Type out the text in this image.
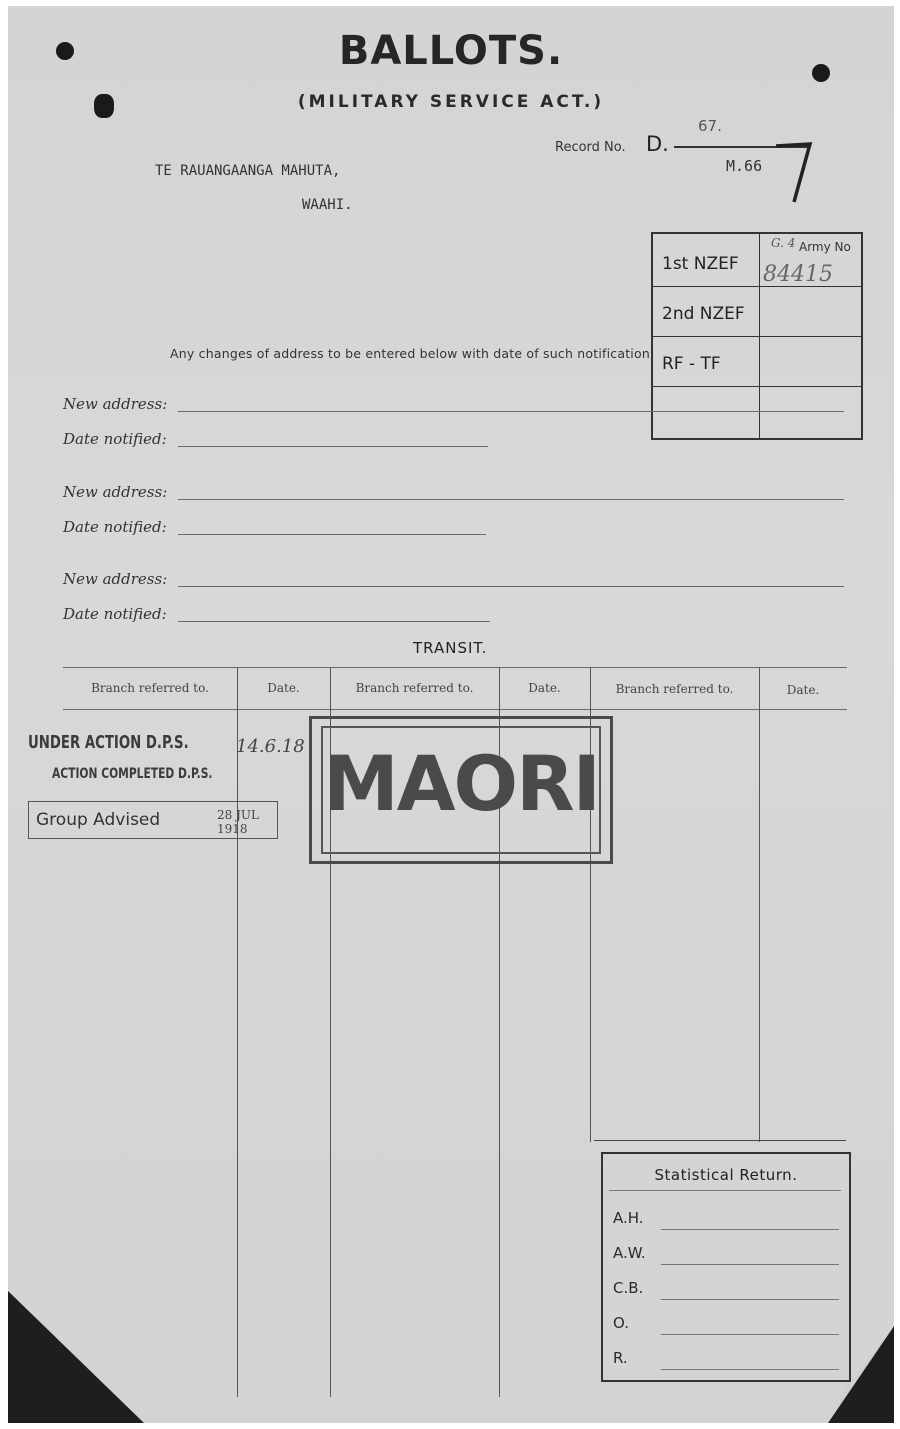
BALLOTS.
(MILITARY SERVICE ACT.)
Record No. D.
67.
M.66
TE RAUANGAANGA MAHUTA,
WAAHI.
G. 4 Army No
1st NZEF 84415
2nd NZEF
RF - TF
Any changes of address to be entered below with date of such notification.
New address:
Date notified:
New address:
Date notified:
New address:
Date notified:
TRANSIT.
Branch referred to.	Date.	Branch referred to.	Date.	Branch referred to.	Date.
UNDER ACTION D.P.S.	14.6.18
ACTION COMPLETED D.P.S.
Group Advised	28 JUL 1918
MAORI
Statistical Return.
A.H.
A.W.
C.B.
O.
R.
